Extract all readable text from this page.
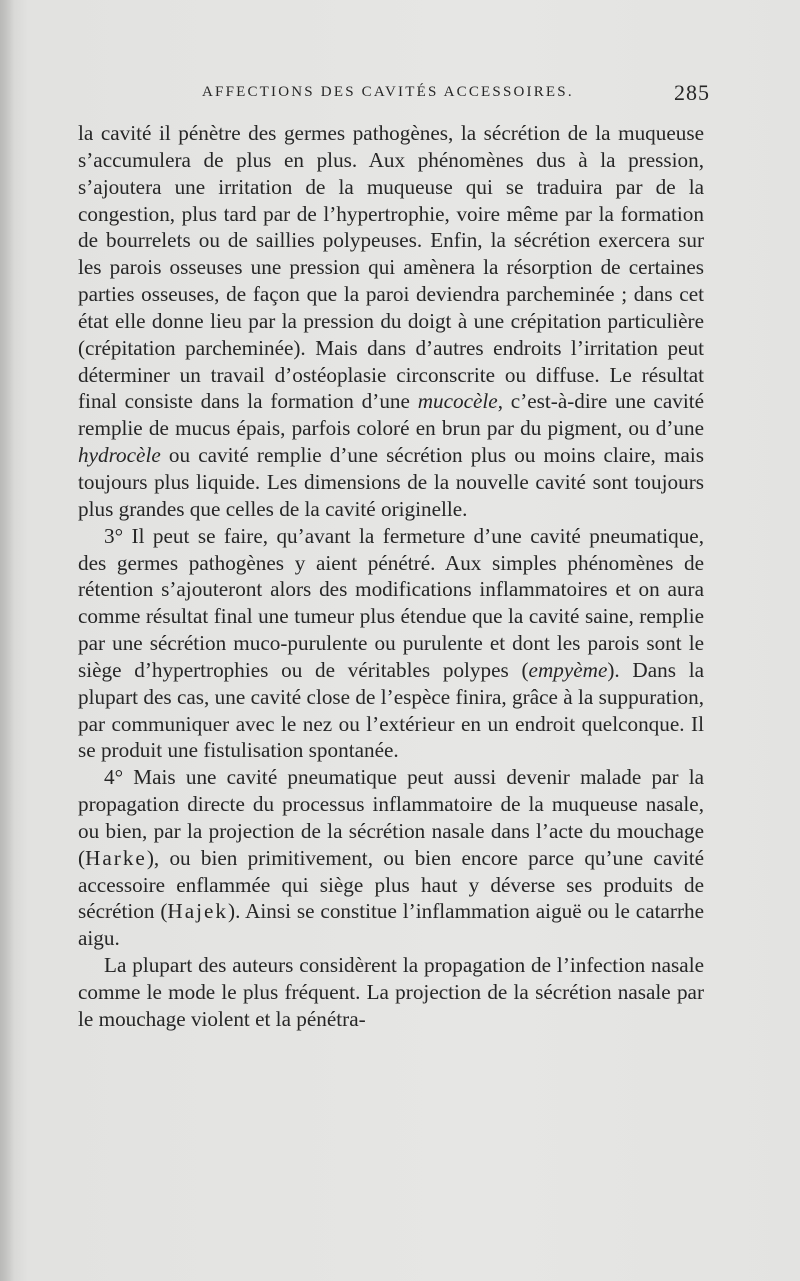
AFFECTIONS DES CAVITÉS ACCESSOIRES.	285

la cavité il pénètre des germes pathogènes, la sécrétion de la muqueuse s’accumulera de plus en plus. Aux phénomènes dus à la pression, s’ajoutera une irritation de la muqueuse qui se traduira par de la congestion, plus tard par de l’hypertrophie, voire même par la formation de bourrelets ou de saillies polypeuses. Enfin, la sécrétion exercera sur les parois osseuses une pression qui amènera la résorption de certaines parties osseuses, de façon que la paroi deviendra parcheminée ; dans cet état elle donne lieu par la pression du doigt à une crépitation particulière (crépitation parcheminée). Mais dans d’autres endroits l’irritation peut déterminer un travail d’ostéoplasie circonscrite ou diffuse. Le résultat final consiste dans la formation d’une mucocèle, c’est-à-dire une cavité remplie de mucus épais, parfois coloré en brun par du pigment, ou d’une hydrocèle ou cavité remplie d’une sécrétion plus ou moins claire, mais toujours plus liquide. Les dimensions de la nouvelle cavité sont toujours plus grandes que celles de la cavité originelle.

3° Il peut se faire, qu’avant la fermeture d’une cavité pneumatique, des germes pathogènes y aient pénétré. Aux simples phénomènes de rétention s’ajouteront alors des modifications inflammatoires et on aura comme résultat final une tumeur plus étendue que la cavité saine, remplie par une sécrétion muco-purulente ou purulente et dont les parois sont le siège d’hypertrophies ou de véritables polypes (empyème). Dans la plupart des cas, une cavité close de l’espèce finira, grâce à la suppuration, par communiquer avec le nez ou l’extérieur en un endroit quelconque. Il se produit une fistulisation spontanée.

4° Mais une cavité pneumatique peut aussi devenir malade par la propagation directe du processus inflammatoire de la muqueuse nasale, ou bien, par la projection de la sécrétion nasale dans l’acte du mouchage (Harke), ou bien primitivement, ou bien encore parce qu’une cavité accessoire enflammée qui siège plus haut y déverse ses produits de sécrétion (Hajek). Ainsi se constitue l’inflammation aiguë ou le catarrhe aigu.

La plupart des auteurs considèrent la propagation de l’infection nasale comme le mode le plus fréquent. La projection de la sécrétion nasale par le mouchage violent et la pénétra-
